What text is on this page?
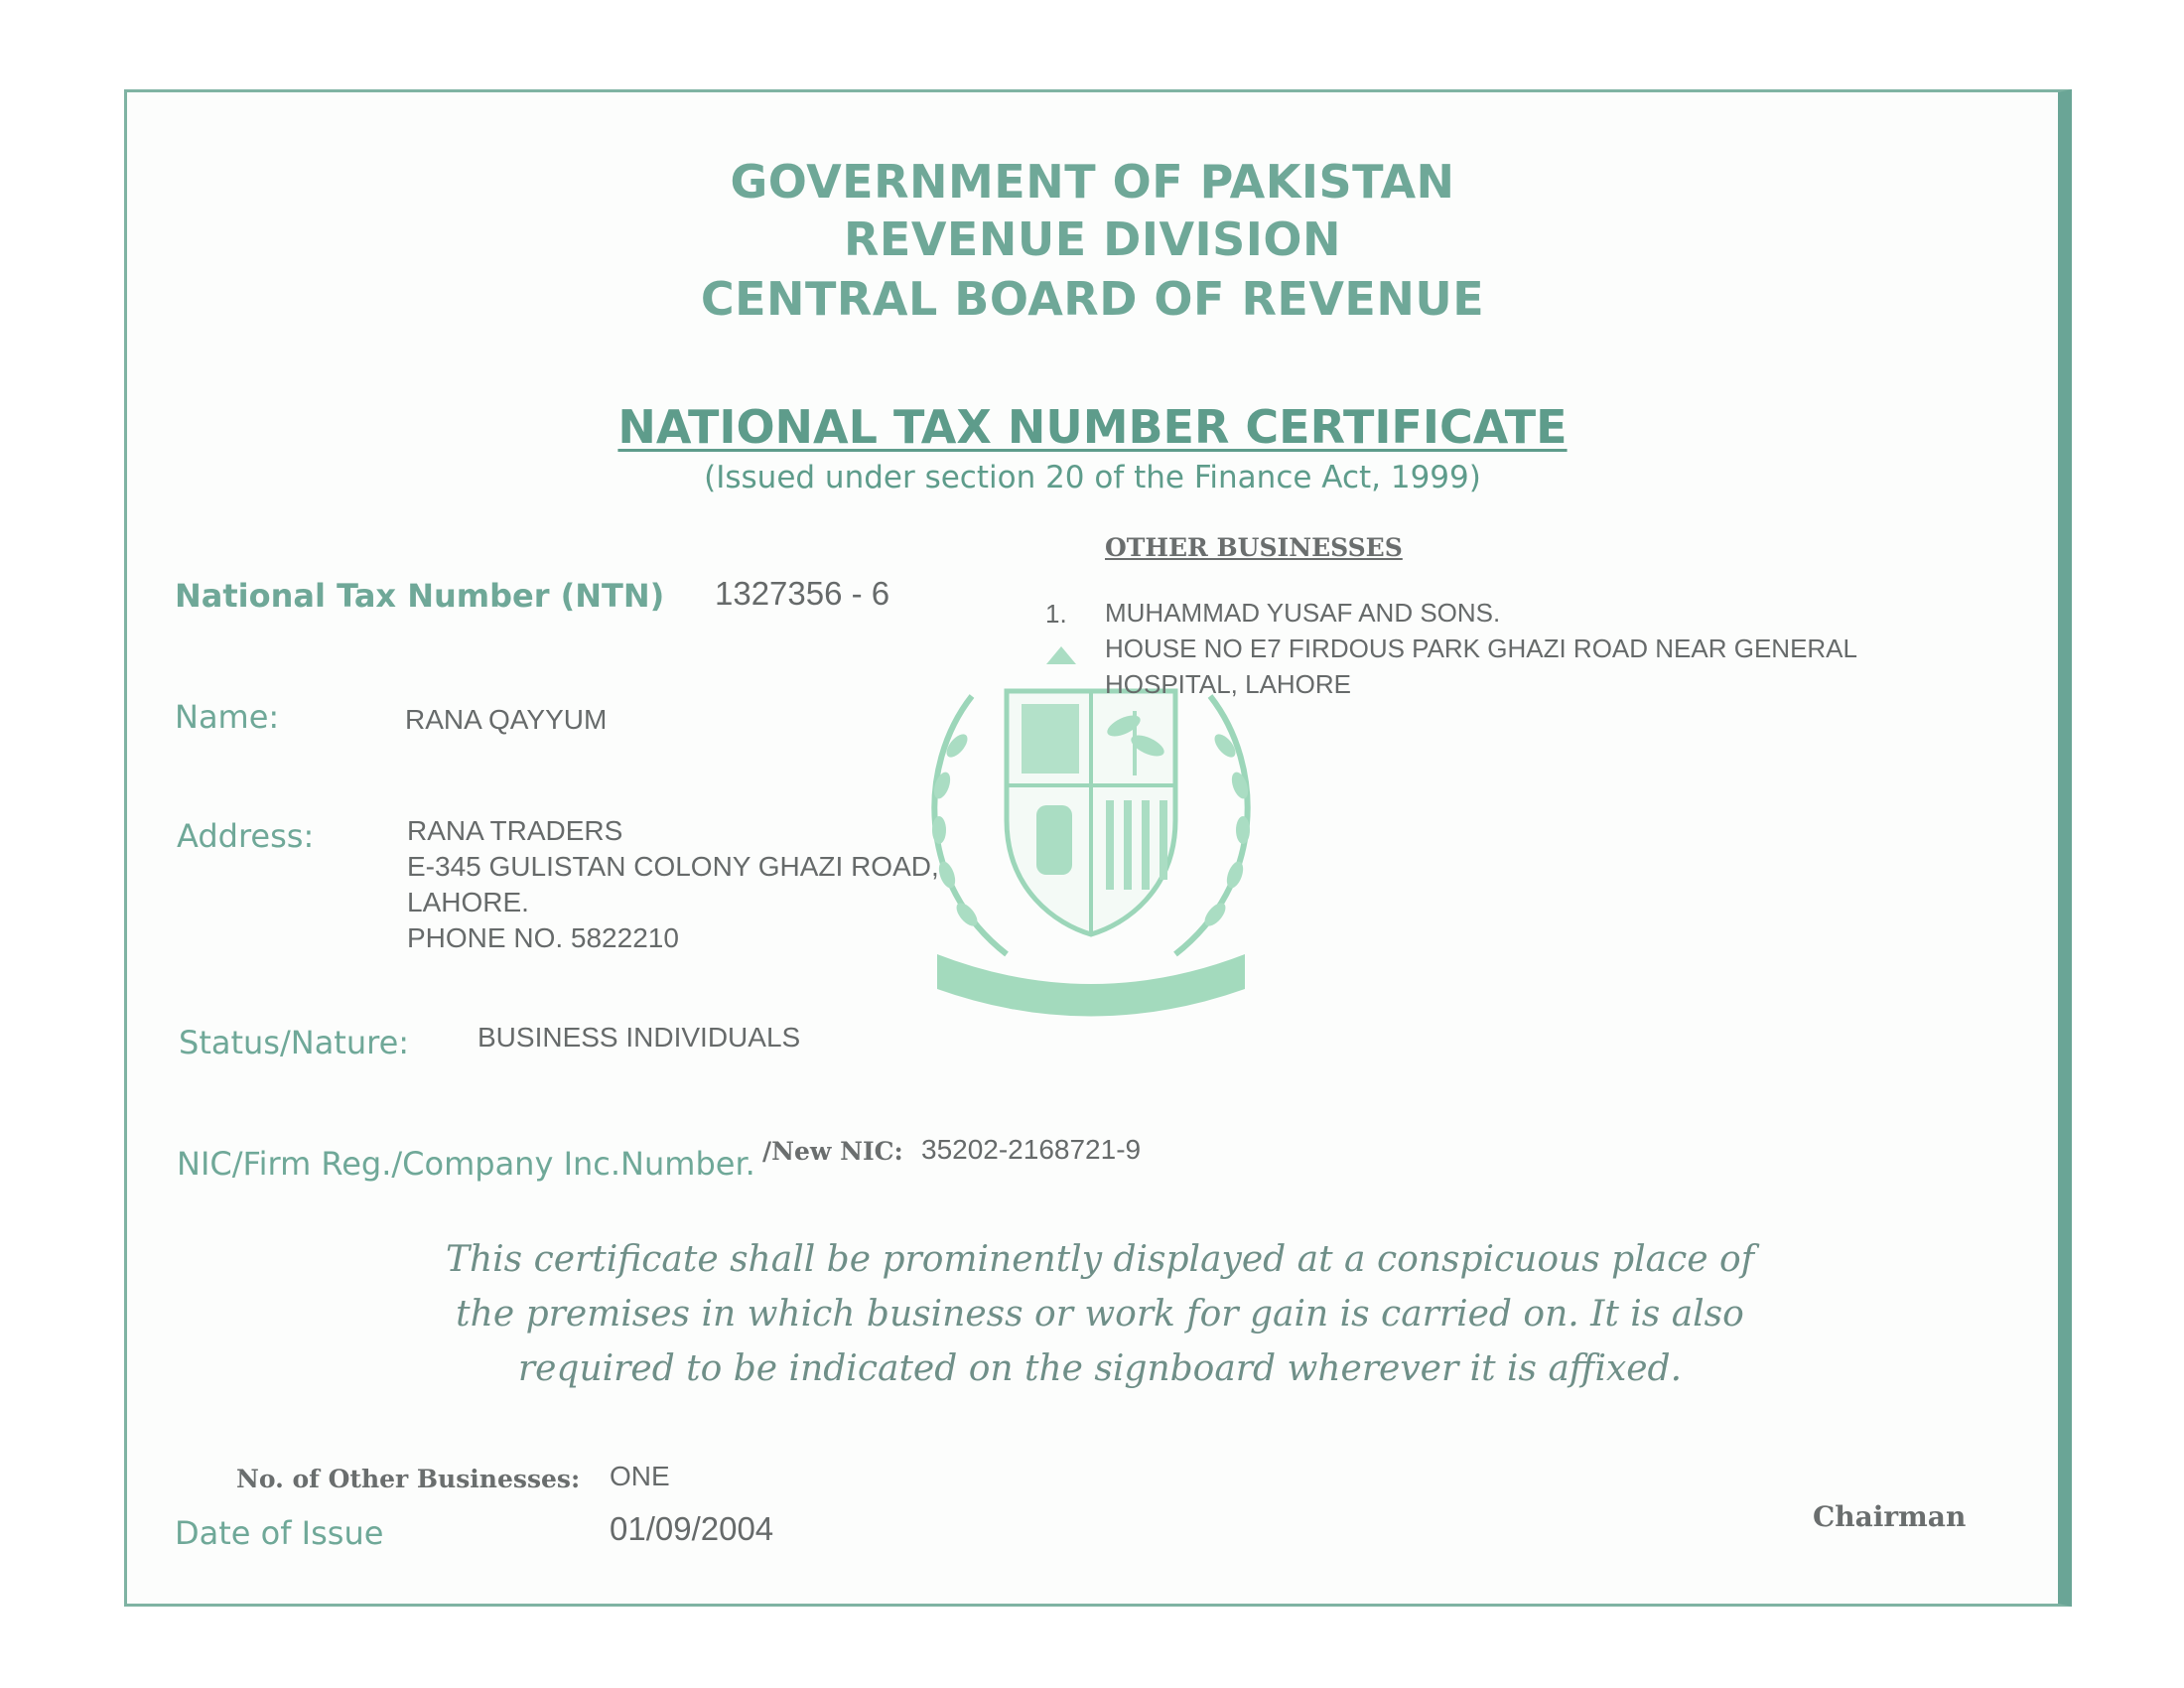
GOVERNMENT OF PAKISTAN
REVENUE DIVISION
CENTRAL BOARD OF REVENUE
NATIONAL TAX NUMBER CERTIFICATE
(Issued under section 20 of the Finance Act, 1999)
National Tax Number (NTN) 1327356 - 6
Name:	RANA QAYYUM
Address:	RANA TRADERS
E-345 GULISTAN COLONY GHAZI ROAD,
LAHORE.
PHONE NO. 5822210
Status/Nature: BUSINESS INDIVIDUALS
NIC/Firm Reg./Company Inc.Number. /New NIC: 35202-2168721-9
OTHER BUSINESSES
1. MUHAMMAD YUSAF AND SONS.
HOUSE NO E7 FIRDOUS PARK GHAZI ROAD NEAR GENERAL
HOSPITAL, LAHORE
This certificate shall be prominently displayed at a conspicuous place of
the premises in which business or work for gain is carried on. It is also
required to be indicated on the signboard wherever it is affixed.
No. of Other Businesses: ONE
Date of Issue	01/09/2004	Chairman
